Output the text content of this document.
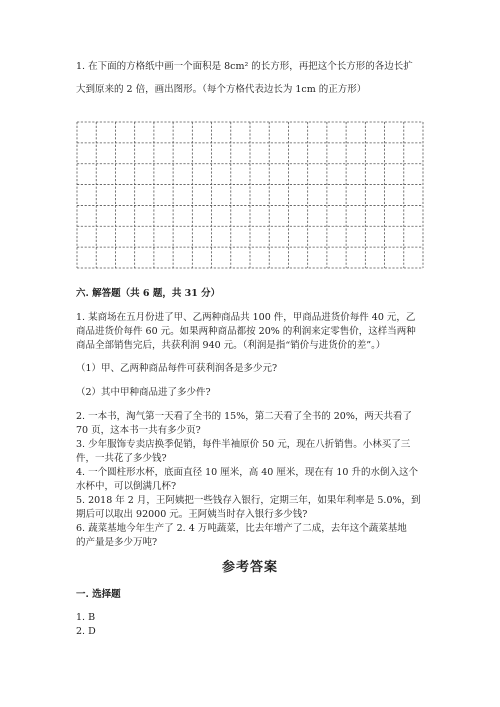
1. 在下面的方格纸中画一个面积是 8cm² 的长方形，再把这个长方形的各边长扩
大到原来的 2 倍，画出图形。（每个方格代表边长为 1cm 的正方形）
六. 解答题（共 6 题，共 31 分）
1. 某商场在五月份进了甲、乙两种商品共 100 件，甲商品进货价每件 40 元，乙
商品进货价每件 60 元。如果两种商品都按 20% 的利润来定零售价，这样当两种
商品全部销售完后，共获利润 940 元。（利润是指“销价与进货价的差”。）
（1）甲、乙两种商品每件可获利润各是多少元?
（2）其中甲种商品进了多少件?
2. 一本书，淘气第一天看了全书的 15%，第二天看了全书的 20%，两天共看了
70 页，这本书一共有多少页?
3. 少年服饰专卖店换季促销，每件半袖原价 50 元，现在八折销售。小林买了三
件，一共花了多少钱?
4. 一个圆柱形水杯，底面直径 10 厘米，高 40 厘米，现在有 10 升的水倒入这个
水杯中，可以倒满几杯?
5. 2018 年 2 月，王阿姨把一些钱存入银行，定期三年，如果年利率是 5.0%，到
期后可以取出 92000 元。王阿姨当时存入银行多少钱?
6. 蔬菜基地今年生产了 2. 4 万吨蔬菜，比去年增产了二成，去年这个蔬菜基地
的产量是多少万吨?
参考答案
一. 选择题
1. B
2. D
